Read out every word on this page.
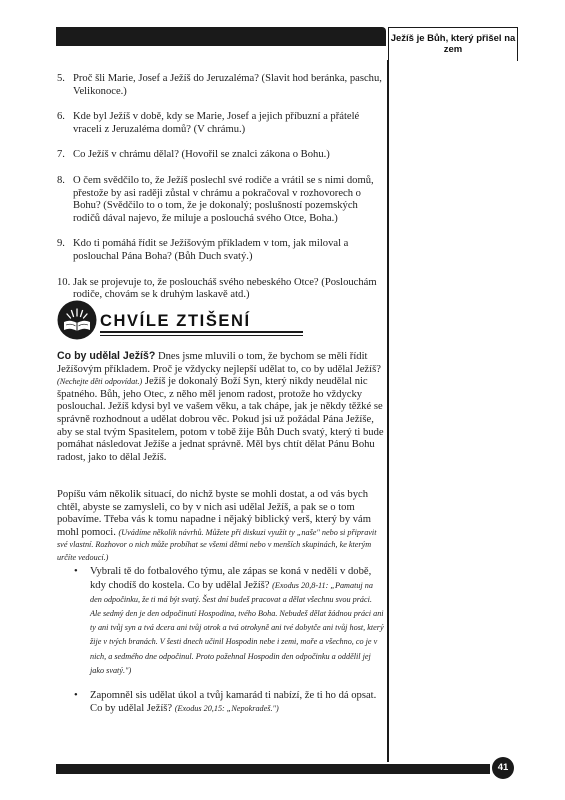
Ježíš je Bůh, který přišel na zem
5. Proč šli Marie, Josef a Ježíš do Jeruzaléma? (Slavit hod beránka, paschu, Velikonoce.)
6. Kde byl Ježíš v době, kdy se Marie, Josef a jejich příbuzní a přátelé vraceli z Jeruzaléma domů? (V chrámu.)
7. Co Ježíš v chrámu dělal? (Hovořil se znalci zákona o Bohu.)
8. O čem svědčilo to, že Ježíš poslechl své rodiče a vrátil se s nimi domů, přestože by asi raději zůstal v chrámu a pokračoval v rozhovorech o Bohu? (Svědčilo to o tom, že je dokonalý; poslušností pozemských rodičů dával najevo, že miluje a poslouchá svého Otce, Boha.)
9. Kdo ti pomáhá řídit se Ježíšovým příkladem v tom, jak miloval a poslouchal Pána Boha? (Bůh Duch svatý.)
10. Jak se projevuje to, že posloucháš svého nebeského Otce? (Poslouchám rodiče, chovám se k druhým laskavě atd.)
CHVÍLE ZTIŠENÍ
Co by udělal Ježíš? Dnes jsme mluvili o tom, že bychom se měli řídit Ježíšovým příkladem. Proč je vždycky nejlepší udělat to, co by udělal Ježíš? (Nechejte děti odpovídat.) Ježíš je dokonalý Boží Syn, který nikdy neudělal nic špatného. Bůh, jeho Otec, z něho měl jenom radost, protože ho vždycky poslouchal. Ježíš kdysi byl ve vašem věku, a tak chápe, jak je někdy těžké se správně rozhodnout a udělat dobrou věc. Pokud jsi už požádal Pána Ježíše, aby se stal tvým Spasitelem, potom v tobě žije Bůh Duch svatý, který ti bude pomáhat následovat Ježíše a jednat správně. Měl bys chtít dělat Pánu Bohu radost, jako to dělal Ježíš.
Popíšu vám několik situací, do nichž byste se mohli dostat, a od vás bych chtěl, abyste se zamysleli, co by v nich asi udělal Ježíš, a pak se o tom pobavíme. Třeba vás k tomu napadne i nějaký biblický verš, který by vám mohl pomoci. (Uvádíme několik návrhů. Můžete při diskuzi využít ty „naše" nebo si připravit své vlastní. Rozhovor o nich může probíhat se všemi dětmi nebo v menších skupinách, ke kterým určíte vedoucí.)
• Vybrali tě do fotbalového týmu, ale zápas se koná v neděli v době, kdy chodíš do kostela. Co by udělal Ježíš? (Exodus 20,8-11: „Pamatuj na den odpočinku, že ti má být svatý. Šest dní budeš pracovat a dělat všechnu svou práci. Ale sedmý den je den odpočinutí Hospodina, tvého Boha. Nebudeš dělat žádnou práci ani ty ani tvůj syn a tvá dcera ani tvůj otrok a tvá otrokyně ani tvé dobytče ani tvůj host, který žije v tvých branách. V šesti dnech učinil Hospodin nebe i zemi, moře a všechno, co je v nich, a sedmého dne odpočinul. Proto požehnal Hospodin den odpočinku a oddělil jej jako svatý.")
• Zapomněl sis udělat úkol a tvůj kamarád ti nabízí, že ti ho dá opsat. Co by udělal Ježíš? (Exodus 20,15: „Nepokradeš.")
41
